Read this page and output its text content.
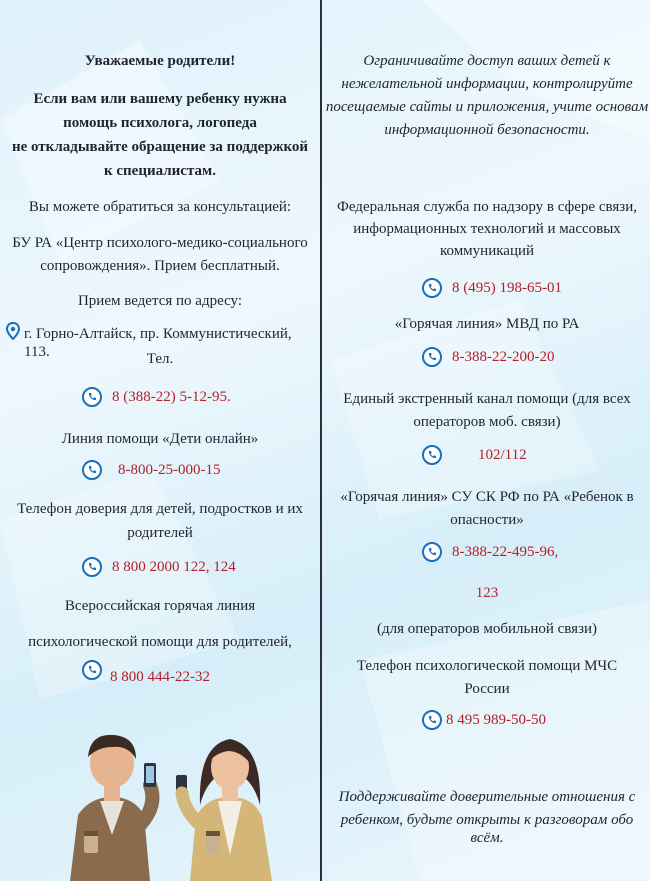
Уважаемые родители!
Если вам или вашему ребенку нужна
помощь психолога, логопеда
не откладывайте обращение за поддержкой
к специалистам.
Вы можете обратиться за консультацией:
БУ РА «Центр психолого-медико-социального
сопровождения». Прием бесплатный.
Прием ведется по адресу:
г. Горно-Алтайск, пр. Коммунистический, 113.	Тел.
8 (388-22) 5-12-95.
Линия помощи «Дети онлайн»
8-800-25-000-15
Телефон доверия для детей, подростков и их
родителей
8 800 2000 122, 124
Всероссийская горячая линия
психологической помощи для родителей,
8 800 444-22-32
Ограничивайте доступ ваших детей к
нежелательной информации, контролируйте
посещаемые сайты и приложения, учите основам
информационной безопасности.
Федеральная служба по надзору в сфере связи,
информационных технологий и массовых
коммуникаций
8 (495) 198-65-01
«Горячая линия» МВД по РА
8-388-22-200-20
Единый экстренный канал помощи (для всех
операторов моб. связи)
102/112
«Горячая линия» СУ СК РФ по РА «Ребенок в
опасности»
8-388-22-495-96,
123
(для операторов мобильной связи)
Телефон психологической помощи МЧС
России
8 495 989-50-50
Поддерживайте доверительные отношения с
ребенком, будьте открыты к разговорам обо всём.
